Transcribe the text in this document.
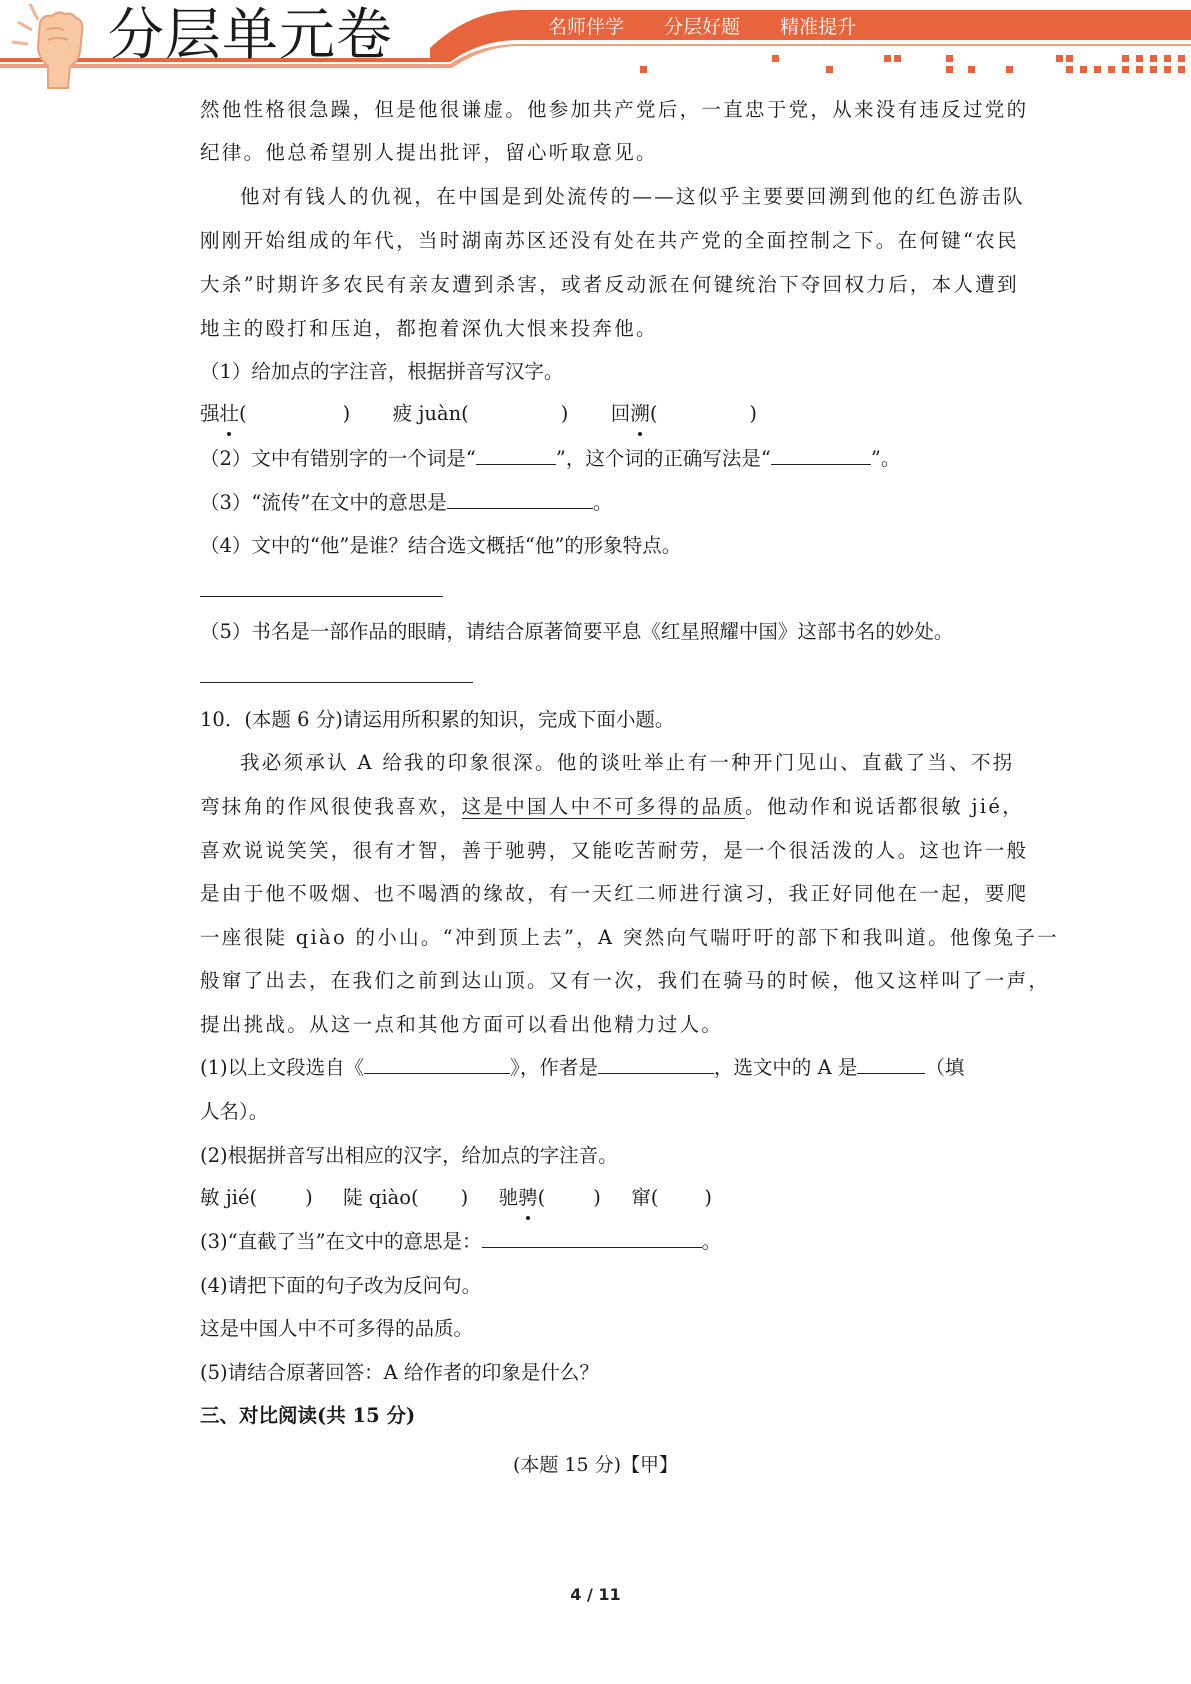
分层单元卷	名师伴学 分层好题 精准提升
然他性格很急躁，但是他很谦虚。他参加共产党后，一直忠于党，从来没有违反过党的
纪律。他总希望别人提出批评，留心听取意见。
他对有钱人的仇视，在中国是到处流传的——这似乎主要要回溯到他的红色游击队
刚刚开始组成的年代，当时湖南苏区还没有处在共产党的全面控制之下。在何键“农民
大杀”时期许多农民有亲友遭到杀害，或者反动派在何键统治下夺回权力后，本人遭到
地主的殴打和压迫，都抱着深仇大恨来投奔他。
（1）给加点的字注音，根据拼音写汉字。
强壮(	) 疲 juàn(	) 回溯(	)
（2）文中有错别字的一个词是“	”，这个词的正确写法是“	”。
（3）“流传”在文中的意思是	。
（4）文中的“他”是谁？结合选文概括“他”的形象特点。
（5）书名是一部作品的眼睛，请结合原著简要平息《红星照耀中国》这部书名的妙处。
10．(本题 6 分)请运用所积累的知识，完成下面小题。
我必须承认 A 给我的印象很深。他的谈吐举止有一种开门见山、直截了当、不拐
弯抹角的作风很使我喜欢，这是中国人中不可多得的品质。他动作和说话都很敏 jié，
喜欢说说笑笑，很有才智，善于驰骋，又能吃苦耐劳，是一个很活泼的人。这也许一般
是由于他不吸烟、也不喝酒的缘故，有一天红二师进行演习，我正好同他在一起，要爬
一座很陡 qiào 的小山。“冲到顶上去”，A 突然向气喘吁吁的部下和我叫道。他像兔子一
般窜了出去，在我们之前到达山顶。又有一次，我们在骑马的时候，他又这样叫了一声，
提出挑战。从这一点和其他方面可以看出他精力过人。
(1)以上文段选自《	》，作者是	，选文中的 A 是	（填
人名）。
(2)根据拼音写出相应的汉字，给加点的字注音。
敏 jié( ) 陡 qiào( ) 驰骋( ) 窜( )
(3)“直截了当”在文中的意思是：	。
(4)请把下面的句子改为反问句。
这是中国人中不可多得的品质。
(5)请结合原著回答：A 给作者的印象是什么？
三、对比阅读(共 15 分)
(本题 15 分)【甲】
4 / 11
